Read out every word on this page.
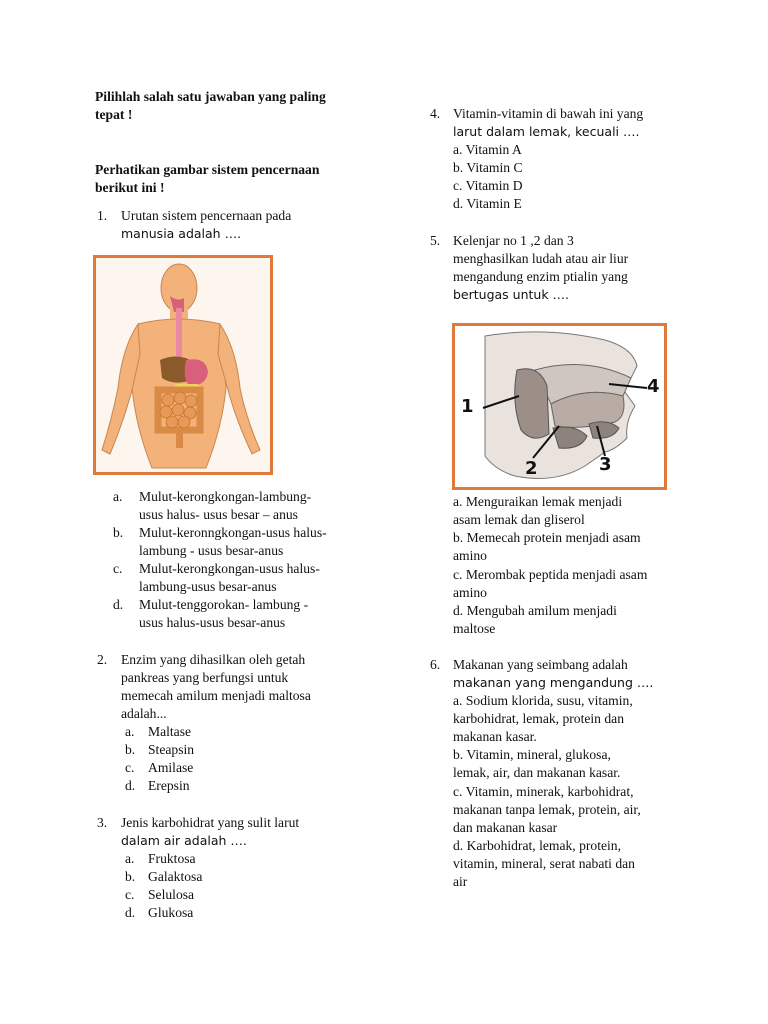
Pilihlah salah satu jawaban yang paling
tepat !
Perhatikan gambar sistem pencernaan
berikut ini !
1. Urutan sistem pencernaan pada
manusia adalah ….
a. Mulut-kerongkongan-lambung-
usus halus- usus besar – anus
b. Mulut-keronngkongan-usus halus-
lambung - usus besar-anus
c. Mulut-kerongkongan-usus halus-
lambung-usus besar-anus
d. Mulut-tenggorokan- lambung -
usus halus-usus besar-anus
2. Enzim yang dihasilkan oleh getah
pankreas yang berfungsi untuk
memecah amilum menjadi maltosa
adalah...
a. Maltase
b. Steapsin
c. Amilase
d. Erepsin
3. Jenis karbohidrat yang sulit larut
dalam air adalah ….
a. Fruktosa
b. Galaktosa
c. Selulosa
d. Glukosa
4. Vitamin-vitamin di bawah ini yang
larut dalam lemak, kecuali ….
a. Vitamin A
b. Vitamin C
c. Vitamin D
d. Vitamin E
5. Kelenjar no 1 ,2 dan 3
menghasilkan ludah atau air liur
mengandung enzim ptialin yang
bertugas untuk ….
1
2	3
4
a. Menguraikan lemak menjadi
asam lemak dan gliserol
b. Memecah protein menjadi asam
amino
c. Merombak peptida menjadi asam
amino
d. Mengubah amilum menjadi
maltose
6. Makanan yang seimbang adalah
makanan yang mengandung ….
a. Sodium klorida, susu, vitamin,
karbohidrat, lemak, protein dan
makanan kasar.
b. Vitamin, mineral, glukosa,
lemak, air, dan makanan kasar.
c. Vitamin, minerak, karbohidrat,
makanan tanpa lemak, protein, air,
dan makanan kasar
d. Karbohidrat, lemak, protein,
vitamin, mineral, serat nabati dan
air
